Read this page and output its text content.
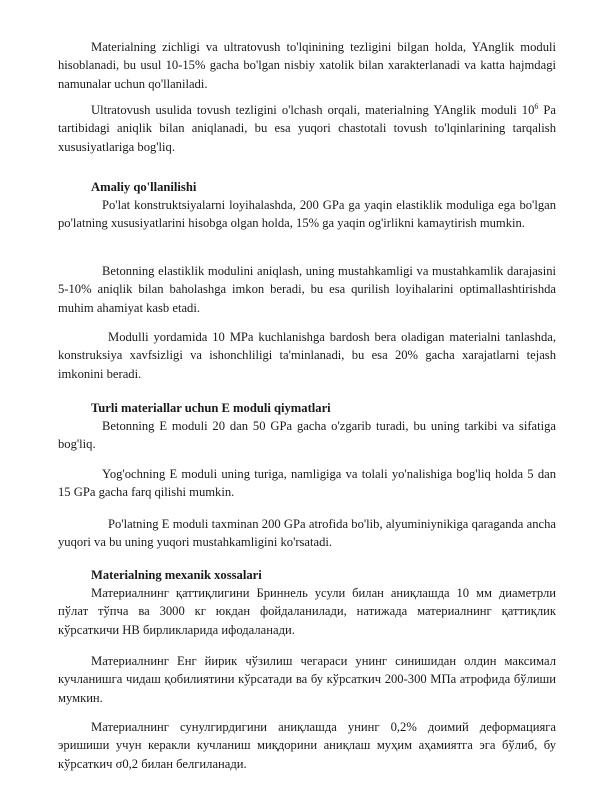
Materialning zichligi va ultratovush to'lqinining tezligini bilgan holda, YAnglik moduli hisoblanadi, bu usul 10-15% gacha bo'lgan nisbiy xatolik bilan xarakterlanadi va katta hajmdagi namunalar uchun qo'llaniladi.

Ultratovush usulida tovush tezligini o'lchash orqali, materialning YAnglik moduli $10^6$ Pa tartibidagi aniqlik bilan aniqlanadi, bu esa yuqori chastotali tovush to'lqinlarining tarqalish xususiyatlariga bog'liq.

Amaliy qo'llanilishi

Po'lat konstruktsiyalarni loyihalashda, 200 GPa ga yaqin elastiklik moduliga ega bo'lgan po'latning xususiyatlarini hisobga olgan holda, 15% ga yaqin og'irlikni kamaytirish mumkin.

Betonning elastiklik modulini aniqlash, uning mustahkamligi va mustahkamlik darajasini 5-10% aniqlik bilan baholashga imkon beradi, bu esa qurilish loyihalarini optimallashtirishda muhim ahamiyat kasb etadi.

Modulli yordamida 10 MPa kuchlanishga bardosh bera oladigan materialni tanlashda, konstruksiya xavfsizligi va ishonchliligi ta'minlanadi, bu esa 20% gacha xarajatlarni tejash imkonini beradi.

Turli materiallar uchun E moduli qiymatlari

Betonning E moduli 20 dan 50 GPa gacha o'zgarib turadi, bu uning tarkibi va sifatiga bog'liq.

Yog'ochning E moduli uning turiga, namligiga va tolali yo'nalishiga bog'liq holda 5 dan 15 GPa gacha farq qilishi mumkin.

Po'latning E moduli taxminan 200 GPa atrofida bo'lib, alyuminiynikiga qaraganda ancha yuqori va bu uning yuqori mustahkamligini ko'rsatadi.

Materialning mexanik xossalari

Материалнинг қаттиқлигини Бриннель усули билан аниқлашда 10 мм диаметрли пўлат тўпча ва 3000 кг юкдан фойдаланилади, натижада материалнинг қаттиқлик кўрсаткичи НВ бирликларида ифодаланади.

Материалнинг Енг йирик чўзилиш чегараси унинг синишидан олдин максимал кучланишга чидаш қобилиятини кўрсатади ва бу кўрсаткич 200-300 МПа атрофида бўлиши мумкин.

Материалнинг сунулгирдигини аниқлашда унинг 0,2% доимий деформацияга эришиши учун керакли кучланиш миқдорини аниқлаш муҳим аҳамиятга эга бўлиб, бу кўрсаткич σ0,2 билан белгиланади.
